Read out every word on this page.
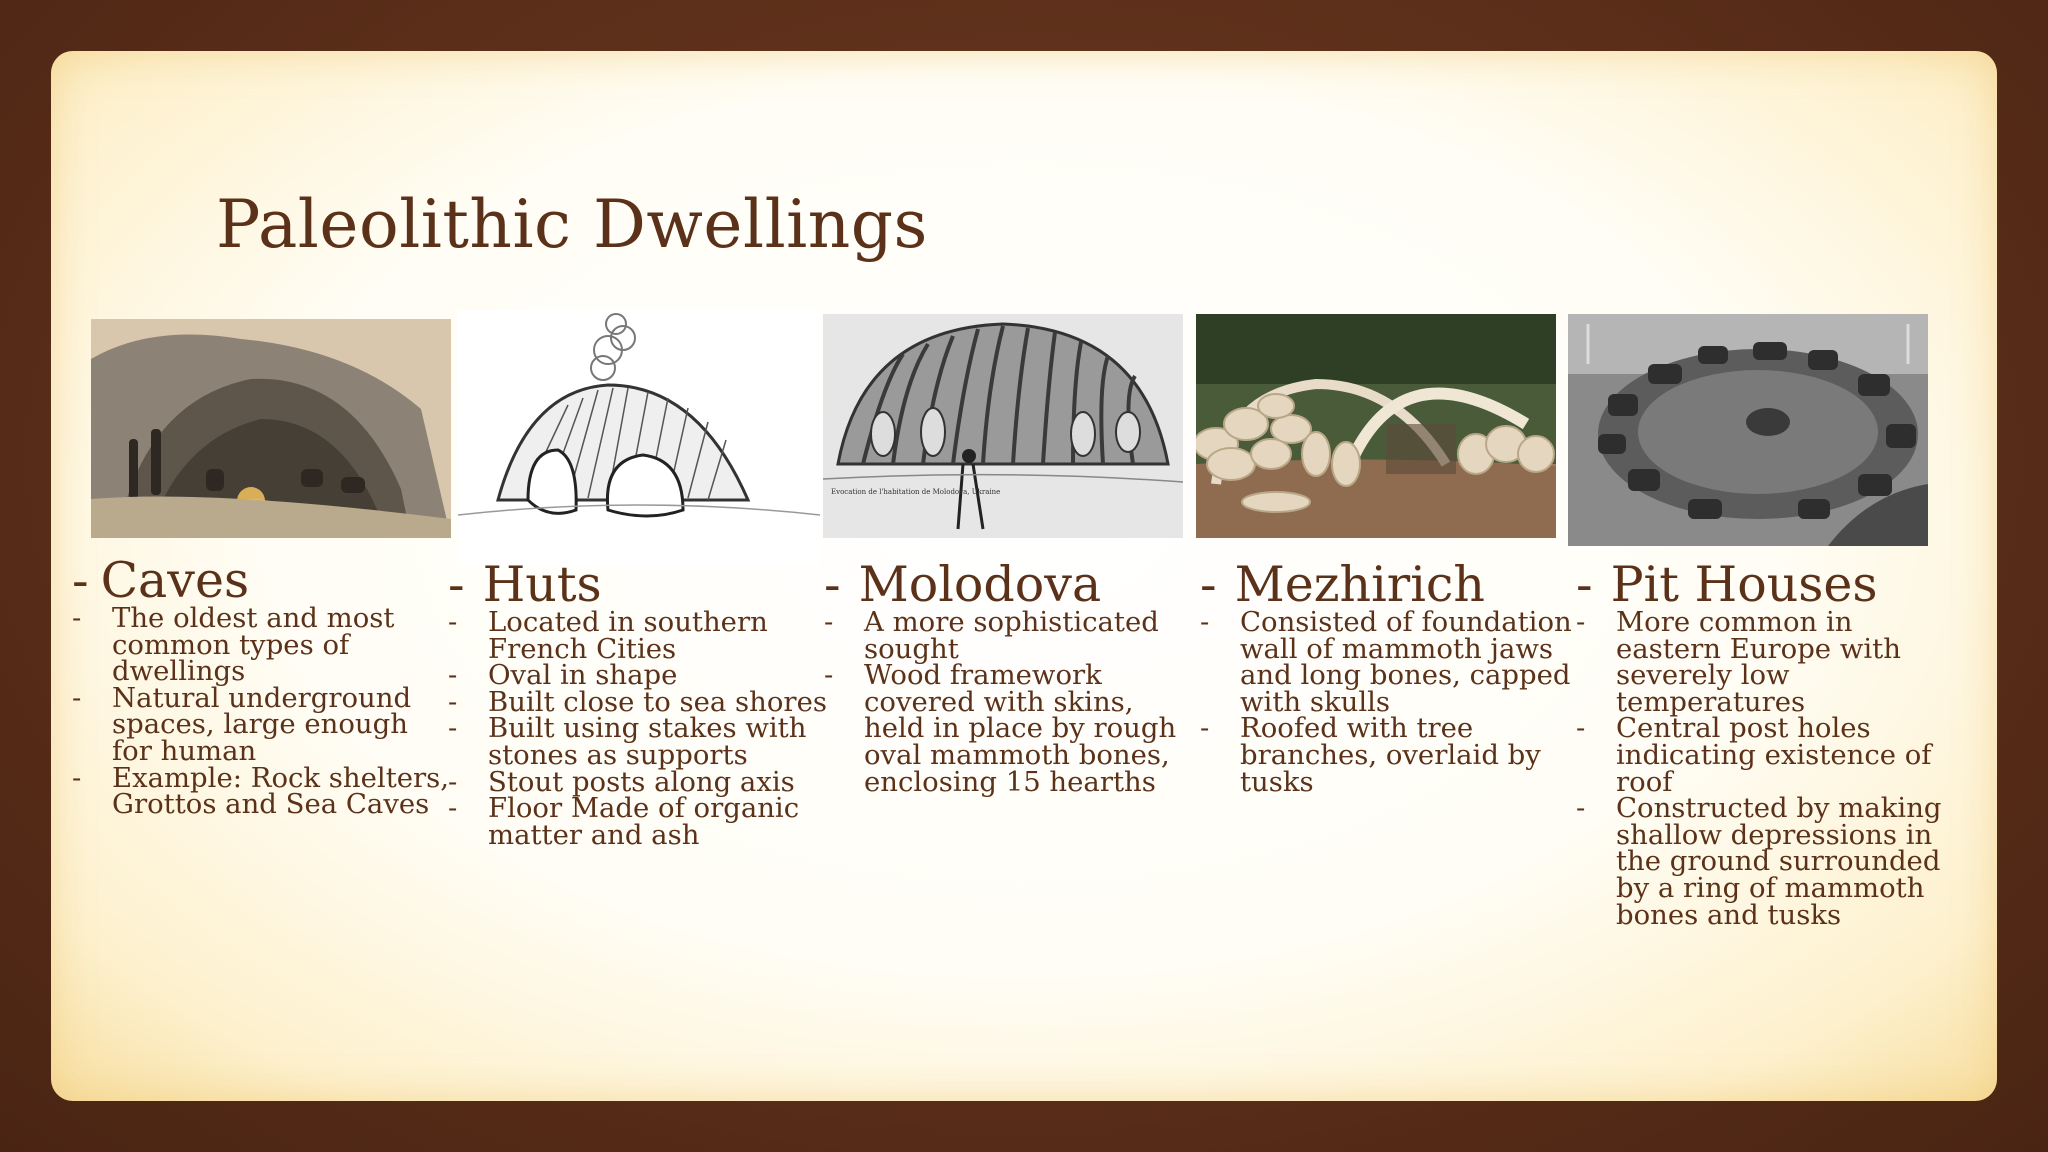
Paleolithic Dwellings
Evocation de l'habitation de Molodova, Ukraine
- Caves
- The oldest and most common types of dwellings
- Natural underground spaces, large enough for human
- Example: Rock shelters, Grottos and Sea Caves
- Huts
- Located in southern French Cities
- Oval in shape
- Built close to sea shores
- Built using stakes with stones as supports
- Stout posts along axis
- Floor Made of organic matter and ash
- Molodova
- A more sophisticated sought
- Wood framework covered with skins, held in place by rough oval mammoth bones, enclosing 15 hearths
- Mezhirich
- Consisted of foundation wall of mammoth jaws and long bones, capped with skulls
- Roofed with tree branches, overlaid by tusks
- Pit Houses
- More common in eastern Europe with severely low temperatures
- Central post holes indicating existence of roof
- Constructed by making shallow depressions in the ground surrounded by a ring of mammoth bones and tusks
